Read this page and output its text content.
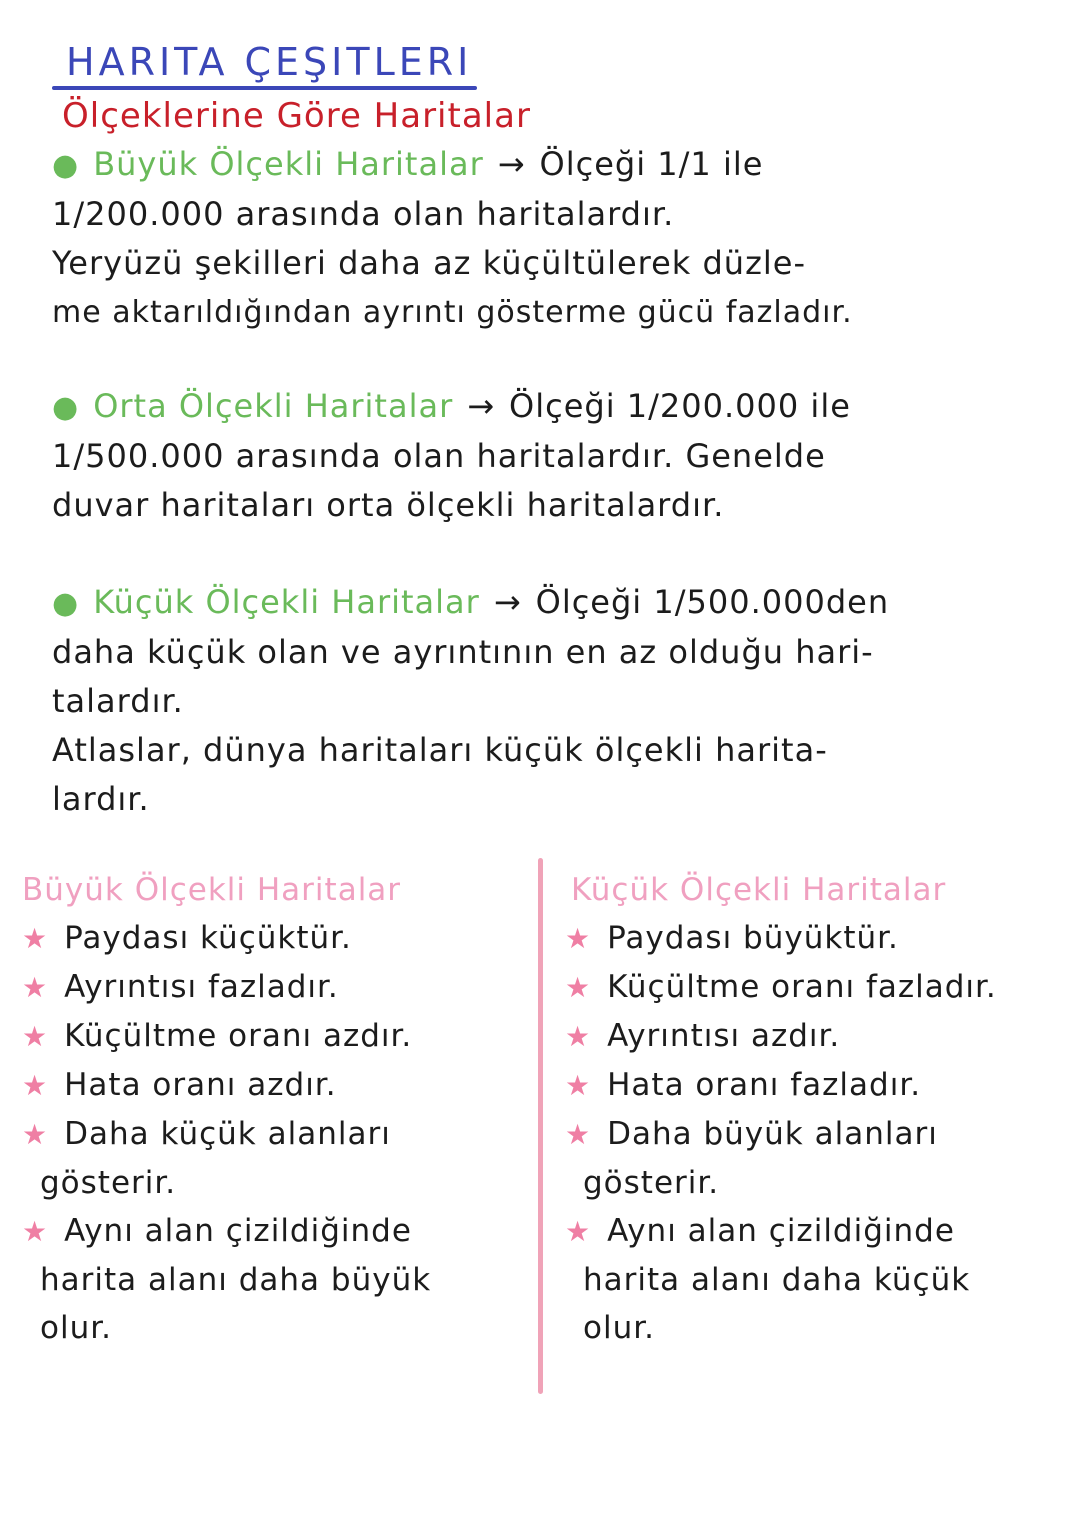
HARITA ÇEŞITLERI
Ölçeklerine Göre Haritalar

● Büyük Ölçekli Haritalar → Ölçeği 1/1 ile

1/200.000 arasında olan haritalardır.

Yeryüzü şekilleri daha az küçültülerek düzle-

me aktarıldığından ayrıntı gösterme gücü fazladır.

● Orta Ölçekli Haritalar → Ölçeği 1/200.000 ile

1/500.000 arasında olan haritalardır. Genelde

duvar haritaları orta ölçekli haritalardır.

● Küçük Ölçekli Haritalar → Ölçeği 1/500.000den

daha küçük olan ve ayrıntının en az olduğu hari-

talardır.

Atlaslar, dünya haritaları küçük ölçekli harita-

lardır.

Büyük Ölçekli Haritalar

★ Paydası küçüktür.

★ Ayrıntısı fazladır.

★ Küçültme oranı azdır.

★ Hata oranı azdır.

★ Daha küçük alanları

gösterir.

★ Aynı alan çizildiğinde

harita alanı daha büyük

olur.

Küçük Ölçekli Haritalar

★ Paydası büyüktür.

★ Küçültme oranı fazladır.

★ Ayrıntısı azdır.

★ Hata oranı fazladır.

★ Daha büyük alanları

gösterir.

★ Aynı alan çizildiğinde

harita alanı daha küçük

olur.
